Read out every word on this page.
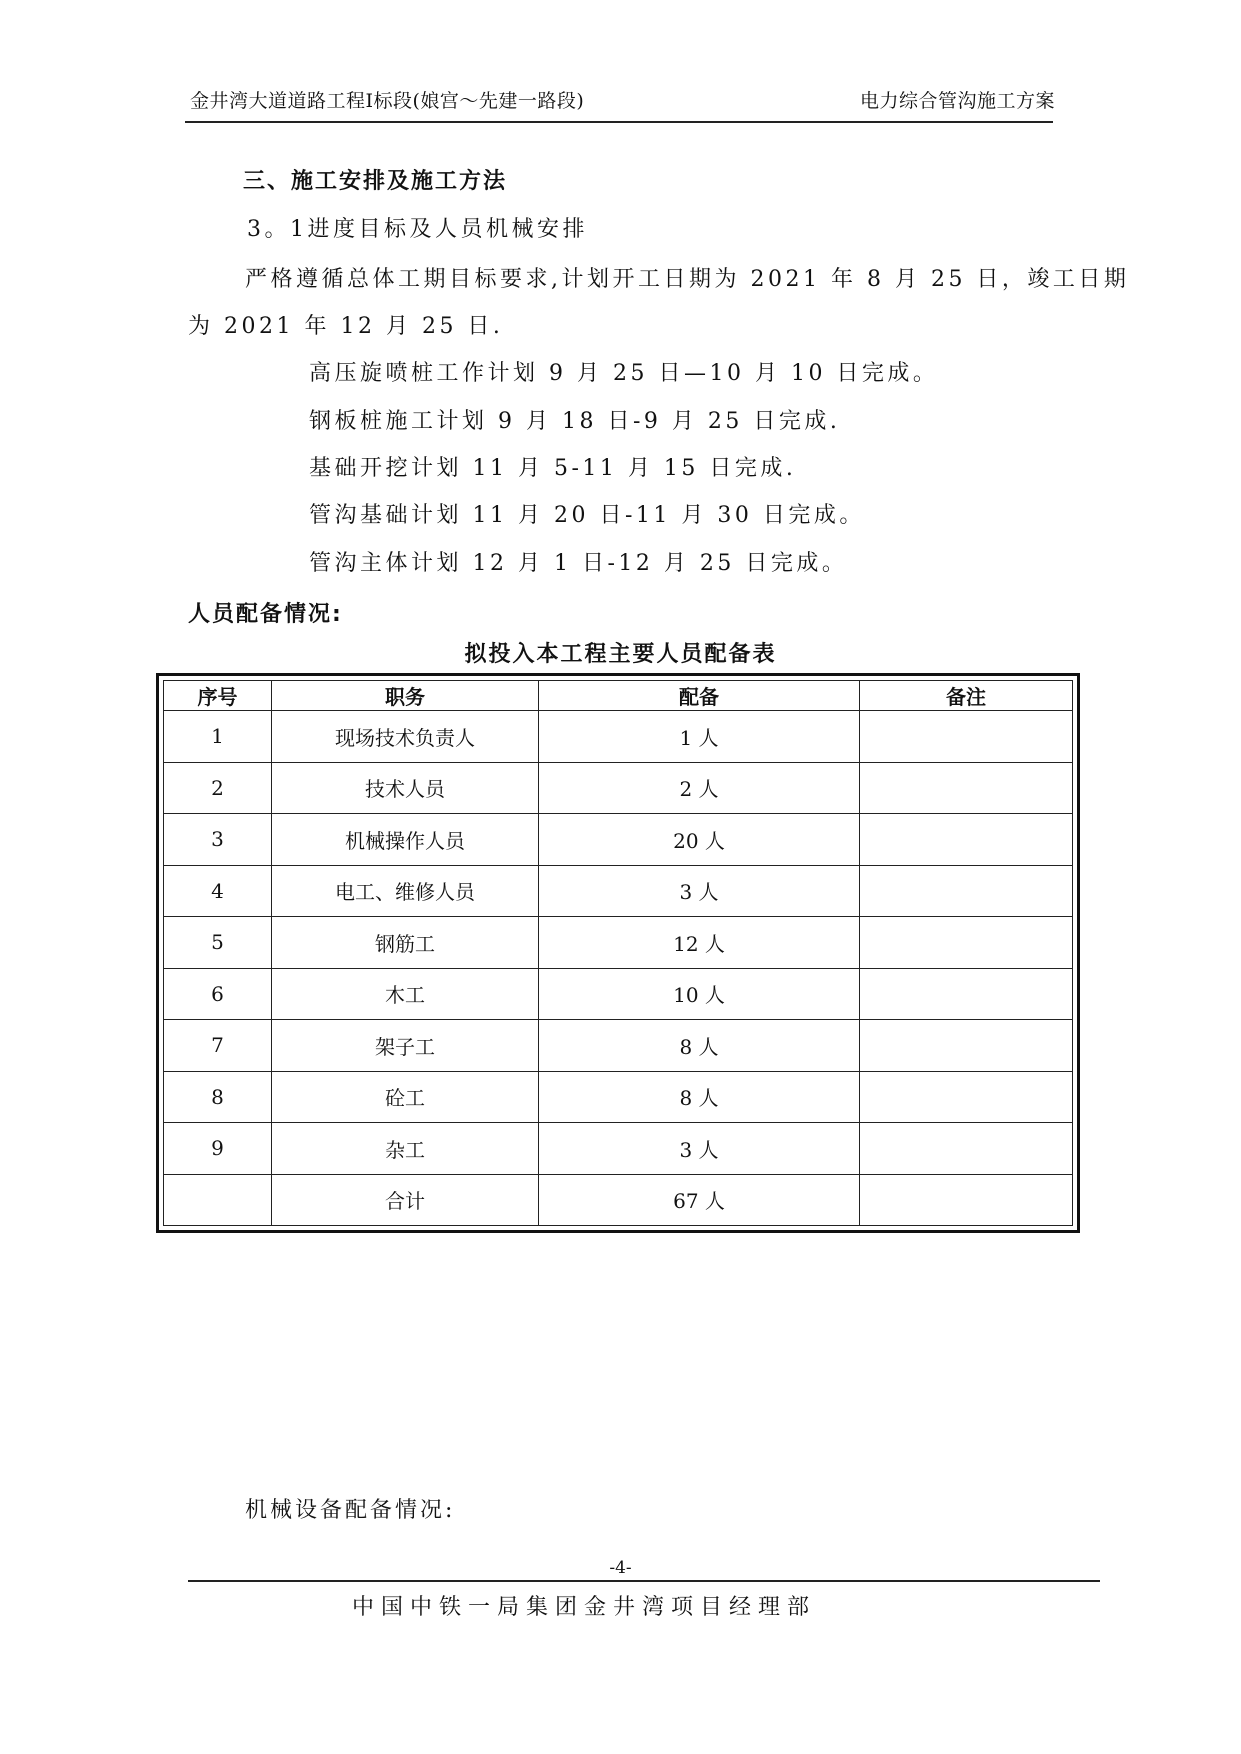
金井湾大道道路工程Ⅰ标段(娘宫～先建一路段)	电力综合管沟施工方案
三、施工安排及施工方法
3。1进度目标及人员机械安排
严格遵循总体工期目标要求,计划开工日期为 2021 年 8 月 25 日，竣工日期
为 2021 年 12 月 25 日.
高压旋喷桩工作计划 9 月 25 日—10 月 10 日完成。
钢板桩施工计划 9 月 18 日-9 月 25 日完成.
基础开挖计划 11 月 5-11 月 15 日完成.
管沟基础计划 11 月 20 日-11 月 30 日完成。
管沟主体计划 12 月 1 日-12 月 25 日完成。
人员配备情况:
拟投入本工程主要人员配备表
序号	职务	配备	备注
1	现场技术负责人	1 人	
2	技术人员	2 人	
3	机械操作人员	20 人	
4	电工、维修人员	3 人	
5	钢筋工	12 人	
6	木工	10 人	
7	架子工	8 人	
8	砼工	8 人	
9	杂工	3 人	
	合计	67 人	
机械设备配备情况:
-4-
中国中铁一局集团金井湾项目经理部
